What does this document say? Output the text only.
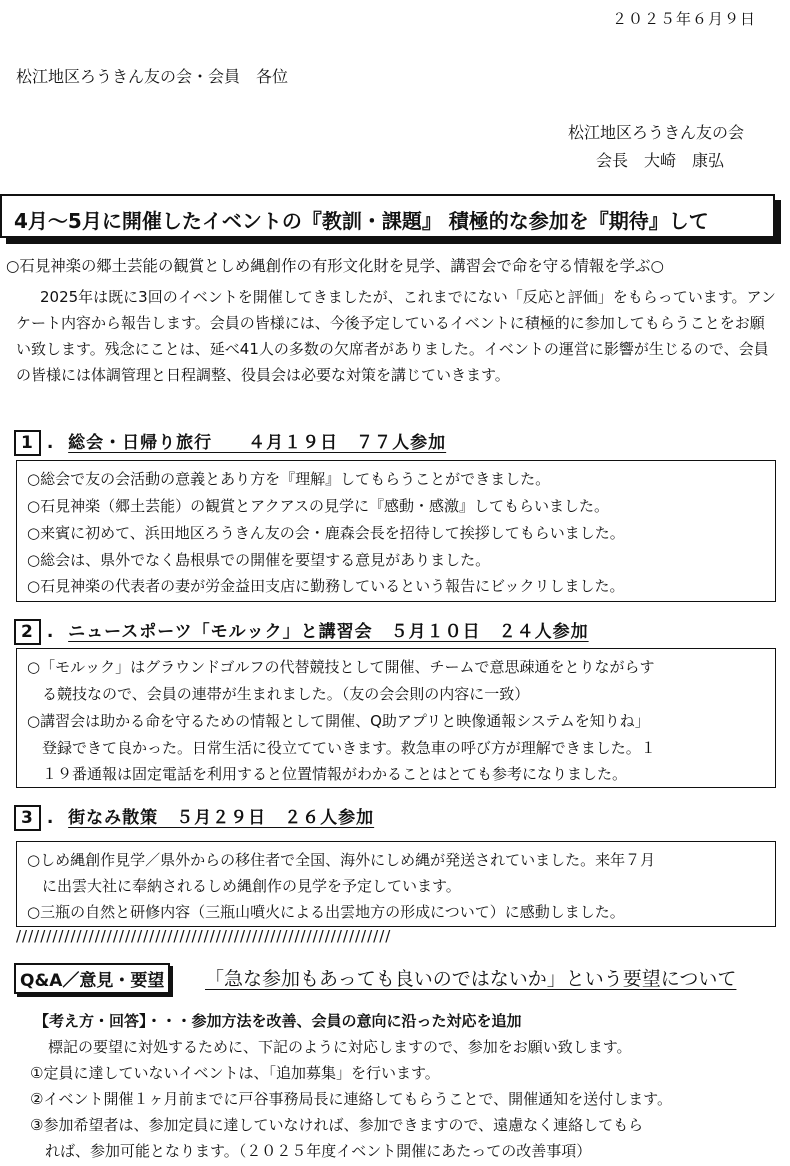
２０２５年６月９日
松江地区ろうきん友の会・会員　各位
松江地区ろうきん友の会
会長　大崎　康弘
4月～5月に開催したイベントの『教訓・課題』 積極的な参加を『期待』して
○石見神楽の郷土芸能の観賞としめ縄創作の有形文化財を見学、講習会で命を守る情報を学ぶ○
2025年は既に3回のイベントを開催してきましたが、これまでにない「反応と評価」をもらっています。アンケート内容から報告します。会員の皆様には、今後予定しているイベントに積極的に参加してもらうことをお願い致します。残念にことは、延べ41人の多数の欠席者がありました。イベントの運営に影響が生じるので、会員の皆様には体調管理と日程調整、役員会は必要な対策を講じていきます。
1 .  総会・日帰り旅行　　４月１９日　７７人参加
○総会で友の会活動の意義とあり方を『理解』してもらうことができました。
○石見神楽（郷土芸能）の観賞とアクアスの見学に『感動・感激』してもらいました。
○来賓に初めて、浜田地区ろうきん友の会・鹿森会長を招待して挨拶してもらいました。
○総会は、県外でなく島根県での開催を要望する意見がありました。
○石見神楽の代表者の妻が労金益田支店に勤務しているという報告にビックリしました。
2 .  ニュースポーツ「モルック」と講習会　５月１０日　２４人参加
○「モルック」はグラウンドゴルフの代替競技として開催、チームで意思疎通をとりながらす
　る競技なので、会員の連帯が生まれました。（友の会会則の内容に一致）
○講習会は助かる命を守るための情報として開催、Q助アプリと映像通報システムを知りね」
　登録できて良かった。日常生活に役立てていきます。救急車の呼び方が理解できました。１
　１９番通報は固定電話を利用すると位置情報がわかることはとても参考になりました。
3 .  街なみ散策　５月２９日　２６人参加
○しめ縄創作見学／県外からの移住者で全国、海外にしめ縄が発送されていました。来年７月
　に出雲大社に奉納されるしめ縄創作の見学を予定しています。
○三瓶の自然と研修内容（三瓶山噴火による出雲地方の形成について）に感動しました。
//////////////////////////////////////////////////////////////
Q&A／意見・要望	「急な参加もあっても良いのではないか」という要望について
【考え方・回答】・・・参加方法を改善、会員の意向に沿った対応を追加
標記の要望に対処するために、下記のように対応しますので、参加をお願い致します。
①定員に達していないイベントは、「追加募集」を行います。
②イベント開催１ヶ月前までに戸谷事務局長に連絡してもらうことで、開催通知を送付します。
③参加希望者は、参加定員に達していなければ、参加できますので、遠慮なく連絡してもら
　れば、参加可能となります。（２０２５年度イベント開催にあたっての改善事項）
